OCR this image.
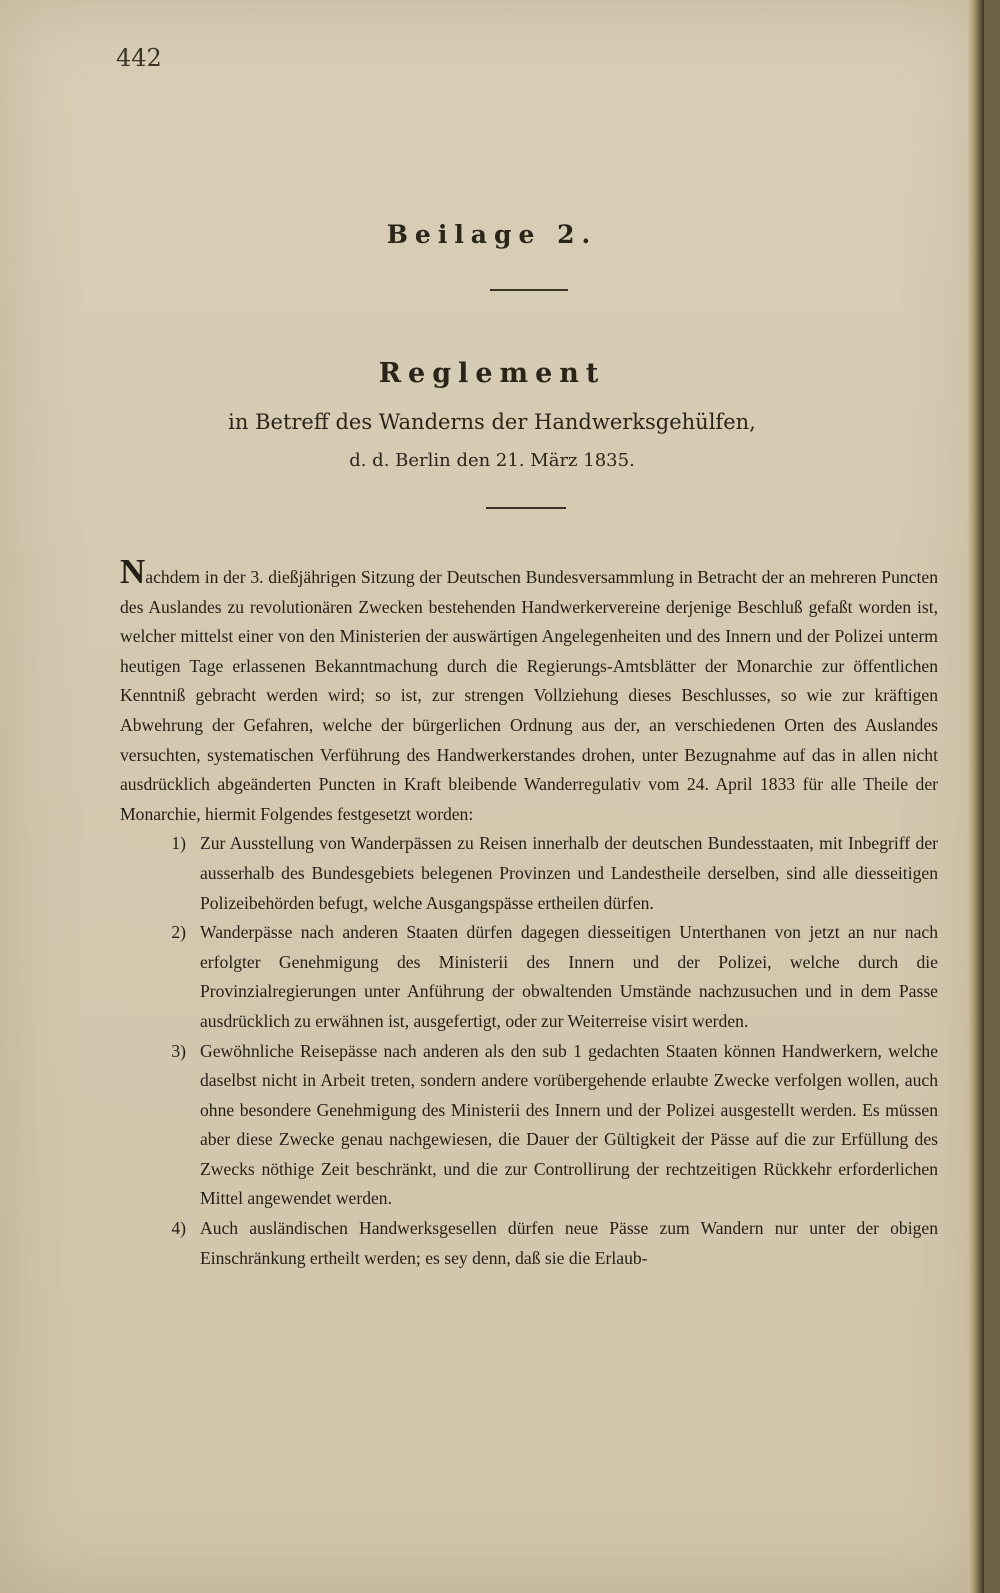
442
Beilage 2.
Reglement
in Betreff des Wanderns der Handwerksgehülfen,
d. d. Berlin den 21. März 1835.

Nachdem in der 3. dießjährigen Sitzung der Deutschen Bundesversammlung in Betracht der an mehreren Puncten des Auslandes zu revolutionären Zwecken bestehenden Handwerkervereine derjenige Beschluß gefaßt worden ist, welcher mittelst einer von den Ministerien der auswärtigen Angelegenheiten und des Innern und der Polizei unterm heutigen Tage erlassenen Bekanntmachung durch die Regierungs-Amtsblätter der Monarchie zur öffentlichen Kenntniß gebracht werden wird; so ist, zur strengen Vollziehung dieses Beschlusses, so wie zur kräftigen Abwehrung der Gefahren, welche der bürgerlichen Ordnung aus der, an verschiedenen Orten des Auslandes versuchten, systematischen Verführung des Handwerkerstandes drohen, unter Bezugnahme auf das in allen nicht ausdrücklich abgeänderten Puncten in Kraft bleibende Wanderregulativ vom 24. April 1833 für alle Theile der Monarchie, hiermit Folgendes festgesetzt worden:

1) Zur Ausstellung von Wanderpässen zu Reisen innerhalb der deutschen Bundesstaaten, mit Inbegriff der ausserhalb des Bundesgebiets belegenen Provinzen und Landestheile derselben, sind alle diesseitigen Polizeibehörden befugt, welche Ausgangspässe ertheilen dürfen.
2) Wanderpässe nach anderen Staaten dürfen dagegen diesseitigen Unterthanen von jetzt an nur nach erfolgter Genehmigung des Ministerii des Innern und der Polizei, welche durch die Provinzialregierungen unter Anführung der obwaltenden Umstände nachzusuchen und in dem Passe ausdrücklich zu erwähnen ist, ausgefertigt, oder zur Weiterreise visirt werden.
3) Gewöhnliche Reisepässe nach anderen als den sub 1 gedachten Staaten können Handwerkern, welche daselbst nicht in Arbeit treten, sondern andere vorübergehende erlaubte Zwecke verfolgen wollen, auch ohne besondere Genehmigung des Ministerii des Innern und der Polizei ausgestellt werden. Es müssen aber diese Zwecke genau nachgewiesen, die Dauer der Gültigkeit der Pässe auf die zur Erfüllung des Zwecks nöthige Zeit beschränkt, und die zur Controllirung der rechtzeitigen Rückkehr erforderlichen Mittel angewendet werden.
4) Auch ausländischen Handwerksgesellen dürfen neue Pässe zum Wandern nur unter der obigen Einschränkung ertheilt werden; es sey denn, daß sie die Erlaub-
